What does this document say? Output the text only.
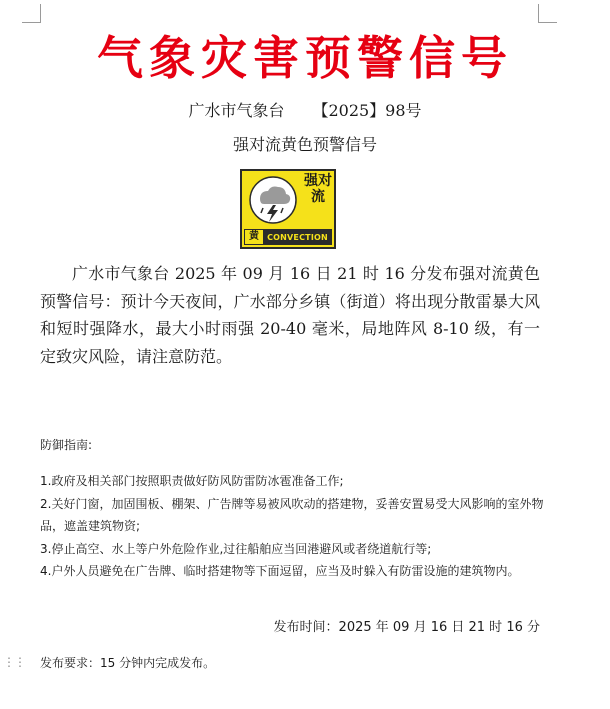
气象灾害预警信号
广水市气象台 【2025】98号
强对流黄色预警信号
强对流
黄	CONVECTION
广水市气象台 2025 年 09 月 16 日 21 时 16 分发布强对流黄色预警信号：预计今天夜间，广水部分乡镇（街道）将出现分散雷暴大风和短时强降水，最大小时雨强 20-40 毫米，局地阵风 8-10 级，有一定致灾风险，请注意防范。
防御指南:
1.政府及相关部门按照职责做好防风防雷防冰雹准备工作;
2.关好门窗，加固围板、棚架、广告牌等易被风吹动的搭建物，妥善安置易受大风影响的室外物品，遮盖建筑物资;
3.停止高空、水上等户外危险作业,过往船舶应当回港避风或者绕道航行等;
4.户外人员避免在广告牌、临时搭建物等下面逗留，应当及时躲入有防雷设施的建筑物内。
发布时间：2025 年 09 月 16 日 21 时 16 分
⋮⋮ 发布要求：15 分钟内完成发布。
